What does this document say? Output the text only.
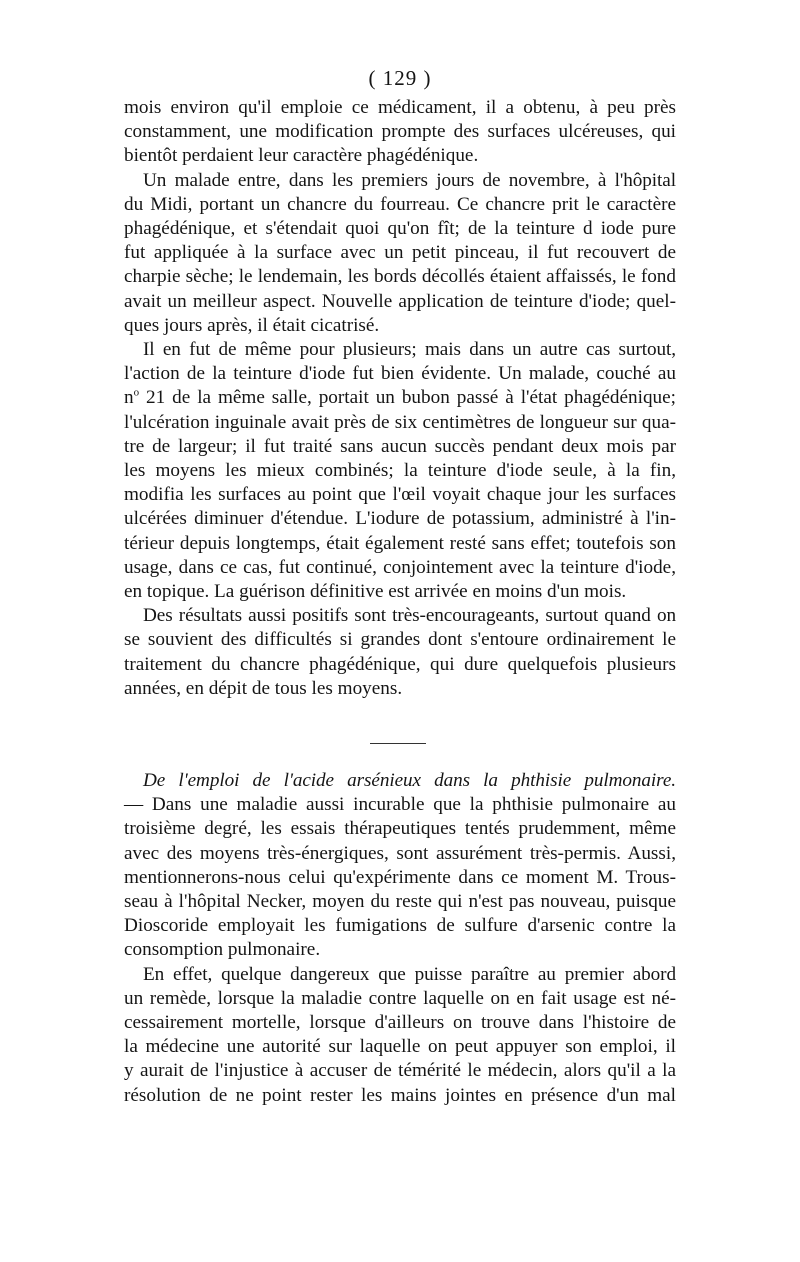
( 129 )

mois environ qu'il emploie ce médicament, il a obtenu, à peu près
constamment, une modification prompte des surfaces ulcéreuses, qui
bientôt perdaient leur caractère phagédénique.

Un malade entre, dans les premiers jours de novembre, à l'hôpital
du Midi, portant un chancre du fourreau. Ce chancre prit le caractère
phagédénique, et s'étendait quoi qu'on fît; de la teinture d iode pure
fut appliquée à la surface avec un petit pinceau, il fut recouvert de
charpie sèche; le lendemain, les bords décollés étaient affaissés, le fond
avait un meilleur aspect. Nouvelle application de teinture d'iode; quel-
ques jours après, il était cicatrisé.

Il en fut de même pour plusieurs; mais dans un autre cas surtout,
l'action de la teinture d'iode fut bien évidente. Un malade, couché au
$n^o$ 21 de la même salle, portait un bubon passé à l'état phagédénique;
l'ulcération inguinale avait près de six centimètres de longueur sur qua-
tre de largeur; il fut traité sans aucun succès pendant deux mois par
les moyens les mieux combinés; la teinture d'iode seule, à la fin,
modifia les surfaces au point que l'œil voyait chaque jour les surfaces
ulcérées diminuer d'étendue. L'iodure de potassium, administré à l'in-
térieur depuis longtemps, était également resté sans effet; toutefois son
usage, dans ce cas, fut continué, conjointement avec la teinture d'iode,
en topique. La guérison définitive est arrivée en moins d'un mois.

Des résultats aussi positifs sont très-encourageants, surtout quand on
se souvient des difficultés si grandes dont s'entoure ordinairement le
traitement du chancre phagédénique, qui dure quelquefois plusieurs
années, en dépit de tous les moyens.

De l'emploi de l'acide arsénieux dans la phthisie pulmonaire.
— Dans une maladie aussi incurable que la phthisie pulmonaire au
troisième degré, les essais thérapeutiques tentés prudemment, même
avec des moyens très-énergiques, sont assurément très-permis. Aussi,
mentionnerons-nous celui qu'expérimente dans ce moment M. Trous-
seau à l'hôpital Necker, moyen du reste qui n'est pas nouveau, puisque
Dioscoride employait les fumigations de sulfure d'arsenic contre la
consomption pulmonaire.

En effet, quelque dangereux que puisse paraître au premier abord
un remède, lorsque la maladie contre laquelle on en fait usage est né-
cessairement mortelle, lorsque d'ailleurs on trouve dans l'histoire de
la médecine une autorité sur laquelle on peut appuyer son emploi, il
y aurait de l'injustice à accuser de témérité le médecin, alors qu'il a la
résolution de ne point rester les mains jointes en présence d'un mal
